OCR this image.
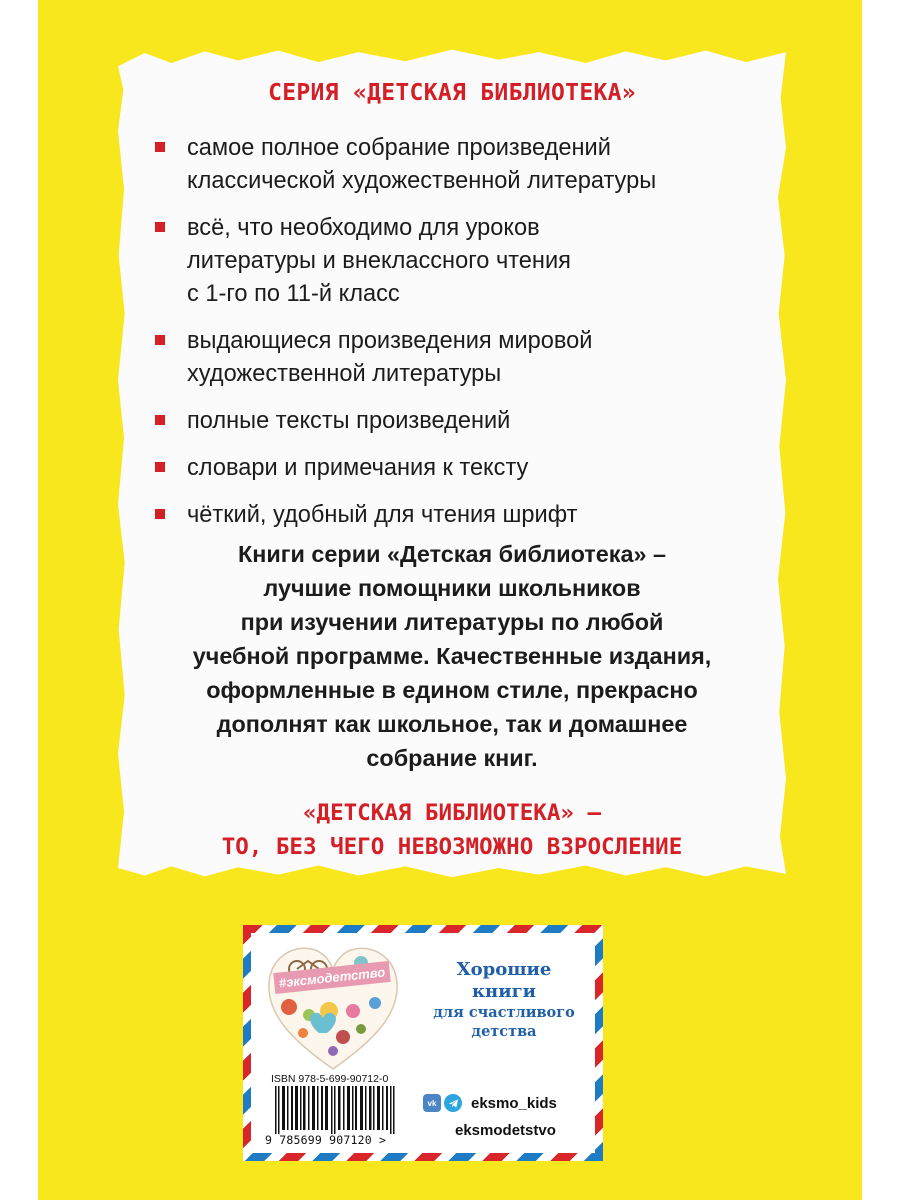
СЕРИЯ «ДЕТСКАЯ БИБЛИОТЕКА»
самое полное собрание произведений
классической художественной литературы
всё, что необходимо для уроков
литературы и внеклассного чтения
с 1-го по 11-й класс
выдающиеся произведения мировой
художественной литературы
полные тексты произведений
словари и примечания к тексту
чёткий, удобный для чтения шрифт

Книги серии «Детская библиотека» –
лучшие помощники школьников
при изучении литературы по любой
учебной программе. Качественные издания,
оформленные в едином стиле, прекрасно
дополнят как школьное, так и домашнее
собрание книг.

«ДЕТСКАЯ БИБЛИОТЕКА» –
ТО, БЕЗ ЧЕГО НЕВОЗМОЖНО ВЗРОСЛЕНИЕ

#эксмодетство	Хорошие
книги
для счастливого
детства

ISBN 978-5-699-90712-0
9 785699 907120 >
vk	eksmo_kids
eksmodetstvo
